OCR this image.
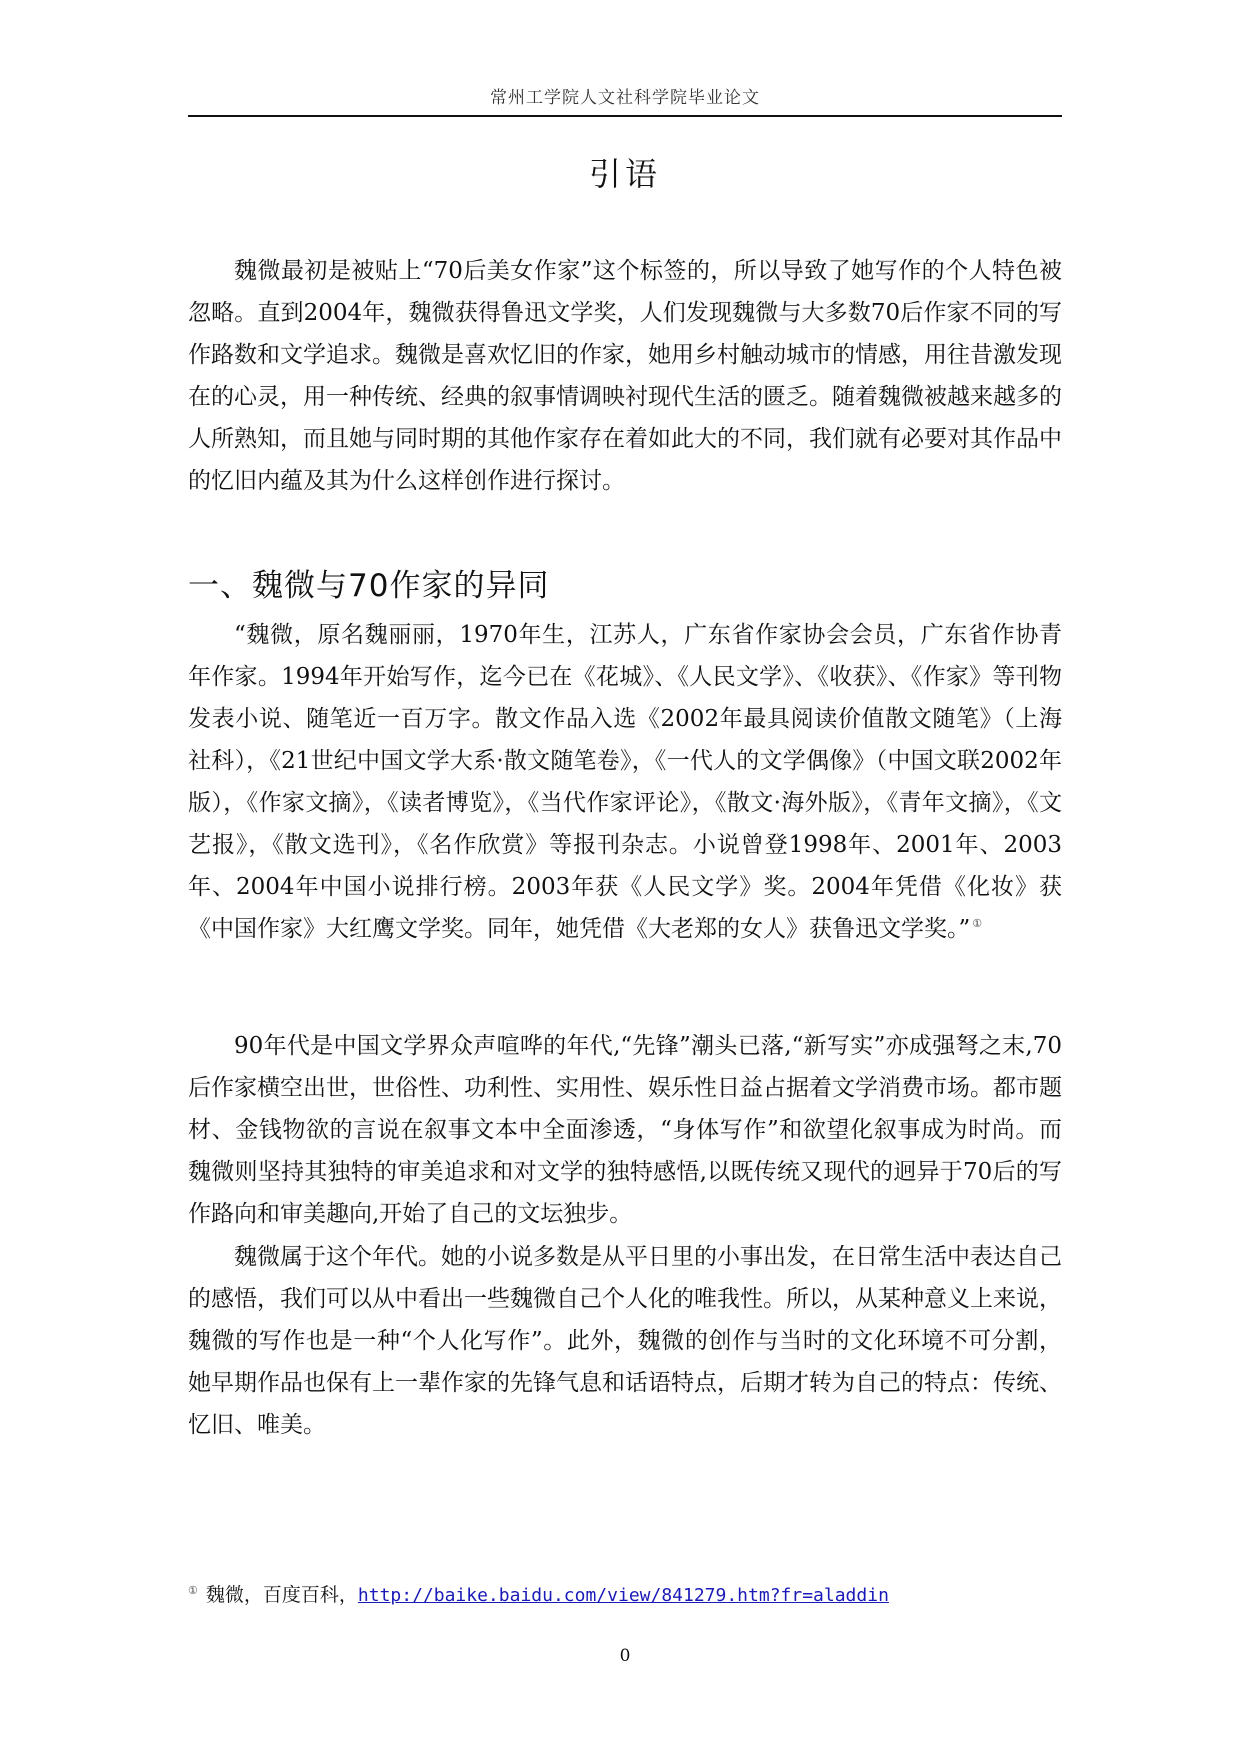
常州工学院人文社科学院毕业论文
引语

魏微最初是被贴上“70后美女作家”这个标签的，所以导致了她写作的个人特色被忽略。直到2004年，魏微获得鲁迅文学奖，人们发现魏微与大多数70后作家不同的写作路数和文学追求。魏微是喜欢忆旧的作家，她用乡村触动城市的情感，用往昔激发现在的心灵，用一种传统、经典的叙事情调映衬现代生活的匮乏。随着魏微被越来越多的人所熟知，而且她与同时期的其他作家存在着如此大的不同，我们就有必要对其作品中的忆旧内蕴及其为什么这样创作进行探讨。

一、魏微与70作家的异同

“魏微，原名魏丽丽，1970年生，江苏人，广东省作家协会会员，广东省作协青年作家。1994年开始写作，迄今已在《花城》、《人民文学》、《收获》、《作家》等刊物发表小说、随笔近一百万字。散文作品入选《2002年最具阅读价值散文随笔》（上海社科），《21世纪中国文学大系·散文随笔卷》，《一代人的文学偶像》（中国文联2002年版），《作家文摘》，《读者博览》，《当代作家评论》，《散文·海外版》，《青年文摘》，《文艺报》，《散文选刊》，《名作欣赏》等报刊杂志。小说曾登1998年、2001年、2003年、2004年中国小说排行榜。2003年获《人民文学》奖。2004年凭借《化妆》获《中国作家》大红鹰文学奖。同年，她凭借《大老郑的女人》获鲁迅文学奖。” ①

90年代是中国文学界众声喧哗的年代,“先锋”潮头已落,“新写实”亦成强弩之末,70后作家横空出世，世俗性、功利性、实用性、娱乐性日益占据着文学消费市场。都市题材、金钱物欲的言说在叙事文本中全面渗透，“身体写作”和欲望化叙事成为时尚。而魏微则坚持其独特的审美追求和对文学的独特感悟,以既传统又现代的迥异于70后的写作路向和审美趣向,开始了自己的文坛独步。

魏微属于这个年代。她的小说多数是从平日里的小事出发，在日常生活中表达自己的感悟，我们可以从中看出一些魏微自己个人化的唯我性。所以，从某种意义上来说，魏微的写作也是一种“个人化写作”。此外，魏微的创作与当时的文化环境不可分割，她早期作品也保有上一辈作家的先锋气息和话语特点，后期才转为自己的特点：传统、忆旧、唯美。

① 魏微，百度百科，http://baike.baidu.com/view/841279.htm?fr=aladdin

0
